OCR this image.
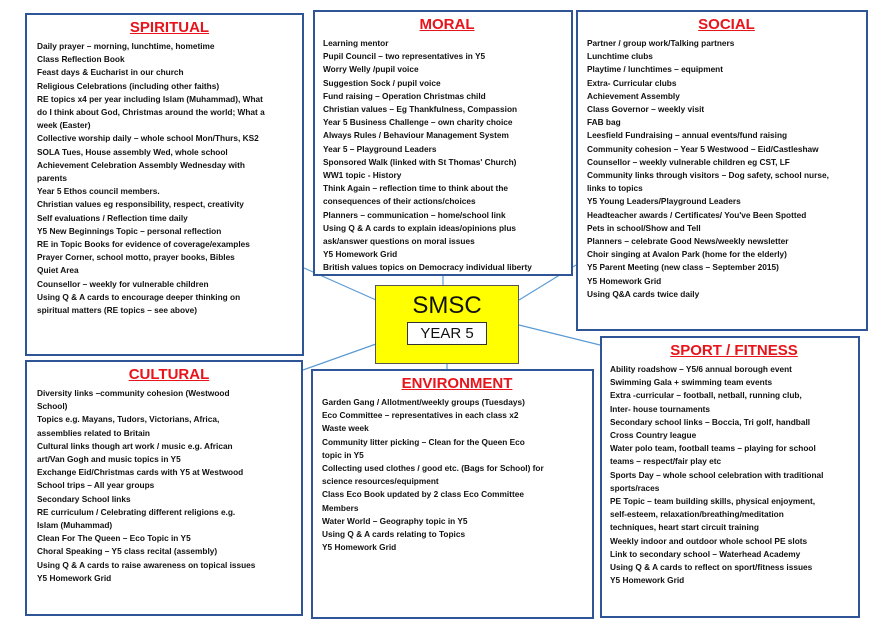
SPIRITUAL
Daily prayer – morning, lunchtime, hometime
Class Reflection Book
Feast days & Eucharist in our church
Religious Celebrations (including other faiths)
RE topics x4 per year including Islam (Muhammad), What
do I think about God, Christmas around the world; What a
week (Easter)
Collective worship daily – whole school Mon/Thurs, KS2
SOLA Tues, House assembly Wed, whole school
Achievement Celebration Assembly Wednesday with
parents
Year 5 Ethos council members.
Christian values eg responsibility, respect, creativity
Self evaluations / Reflection time daily
Y5 New Beginnings Topic – personal reflection
RE in Topic Books for evidence of coverage/examples
Prayer Corner, school motto, prayer books, Bibles
Quiet Area
Counsellor – weekly for vulnerable children
Using Q & A cards to encourage deeper thinking on
spiritual matters (RE topics – see above)
MORAL
Learning mentor
Pupil Council – two representatives in Y5
Worry Welly /pupil voice
Suggestion Sock / pupil voice
Fund raising – Operation Christmas child
Christian values – Eg Thankfulness, Compassion
Year 5 Business Challenge – own charity choice
Always Rules / Behaviour Management System
Year 5 – Playground Leaders
Sponsored Walk (linked with St Thomas' Church)
WW1 topic - History
Think Again – reflection time to think about the
consequences of their actions/choices
Planners – communication – home/school link
Using Q & A cards to explain ideas/opinions plus
ask/answer questions on moral issues
Y5 Homework Grid
British values topics on Democracy individual liberty
SOCIAL
Partner / group work/Talking partners
Lunchtime clubs
Playtime / lunchtimes – equipment
Extra- Curricular clubs
Achievement Assembly
Class Governor – weekly visit
FAB bag
Leesfield Fundraising – annual events/fund raising
Community cohesion – Year 5 Westwood – Eid/Castleshaw
Counsellor – weekly vulnerable children eg CST, LF
Community links through visitors – Dog safety, school nurse,
links to topics
Y5 Young Leaders/Playground Leaders
Headteacher awards / Certificates/ You've Been Spotted
Pets in school/Show and Tell
Planners – celebrate Good News/weekly newsletter
Choir singing at Avalon Park (home for the elderly)
Y5 Parent Meeting (new class – September 2015)
Y5 Homework Grid
Using Q&A cards twice daily
SMSC
YEAR 5
CULTURAL
Diversity links –community cohesion (Westwood
School)
Topics e.g. Mayans, Tudors, Victorians, Africa,
assemblies related to Britain
Cultural links though art work / music e.g. African
art/Van Gogh and music topics in Y5
Exchange Eid/Christmas cards with Y5 at Westwood
School trips – All year groups
Secondary School links
RE curriculum / Celebrating different religions e.g.
Islam (Muhammad)
Clean For The Queen – Eco Topic in Y5
Choral Speaking – Y5 class recital (assembly)
Using Q & A cards to raise awareness on topical issues
Y5 Homework Grid
ENVIRONMENT
Garden Gang / Allotment/weekly groups (Tuesdays)
Eco Committee – representatives in each class x2
Waste week
Community litter picking – Clean for the Queen Eco
topic in Y5
Collecting used clothes / good etc. (Bags for School) for
science resources/equipment
Class Eco Book updated by 2 class Eco Committee
Members
Water World – Geography topic in Y5
Using Q & A cards relating to Topics
Y5 Homework Grid
SPORT / FITNESS
Ability roadshow – Y5/6 annual borough event
Swimming Gala + swimming team events
Extra -curricular – football, netball, running club,
Inter- house tournaments
Secondary school links – Boccia, Tri golf, handball
Cross Country league
Water polo team, football teams – playing for school
teams – respect/fair play etc
Sports Day – whole school celebration with traditional
sports/races
PE Topic – team building skills, physical enjoyment,
self-esteem, relaxation/breathing/meditation
techniques, heart start circuit training
Weekly indoor and outdoor whole school PE slots
Link to secondary school – Waterhead Academy
Using Q & A cards to reflect on sport/fitness issues
Y5 Homework Grid
